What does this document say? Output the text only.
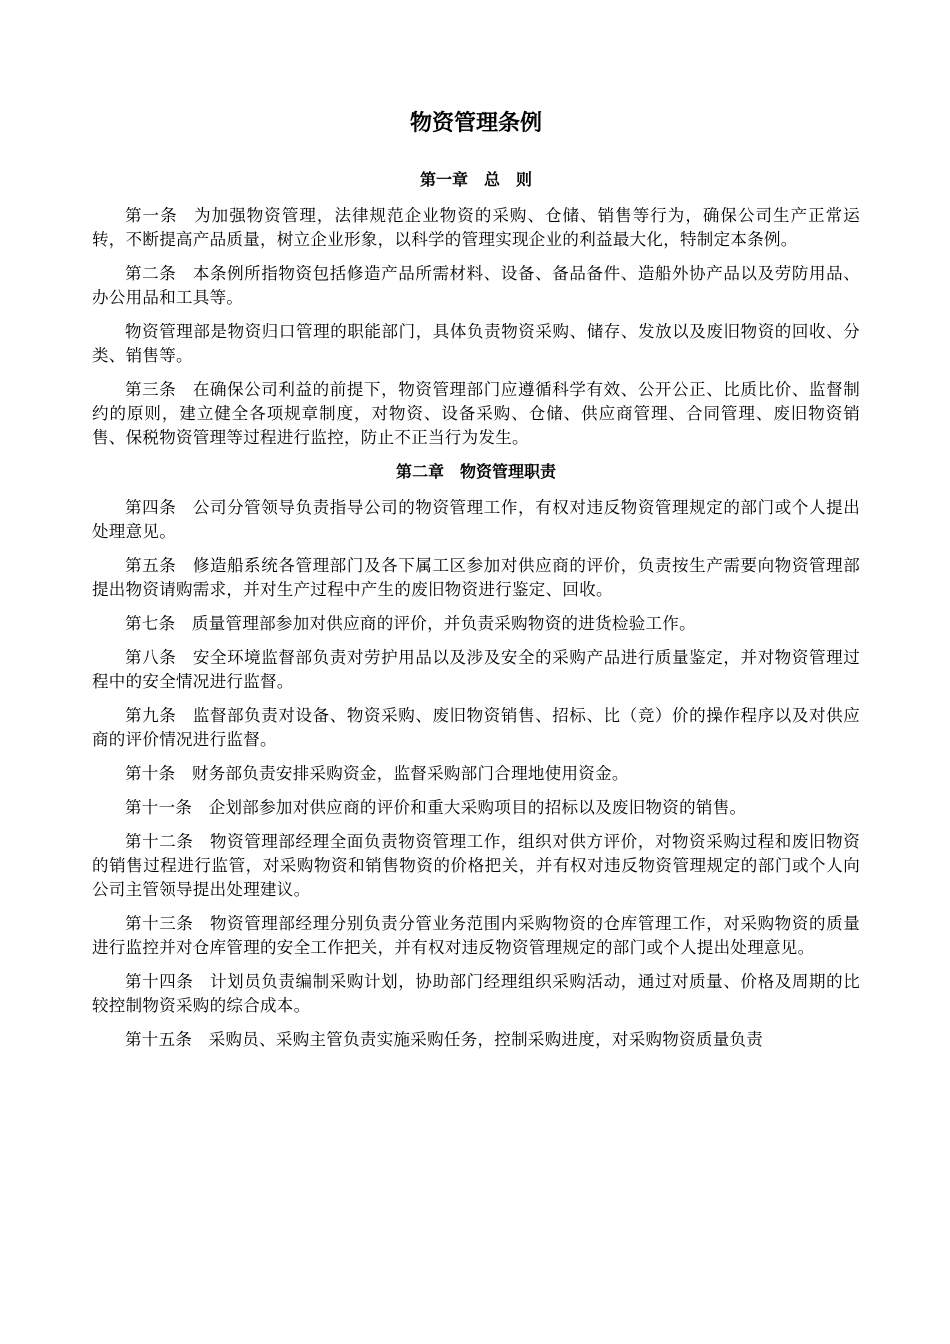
物资管理条例
第一章　总　则

第一条 为加强物资管理，法律规范企业物资的采购、仓储、销售等行为，确保公司生产正常运转，不断提高产品质量，树立企业形象，以科学的管理实现企业的利益最大化，特制定本条例。

第二条 本条例所指物资包括修造产品所需材料、设备、备品备件、造船外协产品以及劳防用品、办公用品和工具等。

物资管理部是物资归口管理的职能部门，具体负责物资采购、储存、发放以及废旧物资的回收、分类、销售等。

第三条 在确保公司利益的前提下，物资管理部门应遵循科学有效、公开公正、比质比价、监督制约的原则，建立健全各项规章制度，对物资、设备采购、仓储、供应商管理、合同管理、废旧物资销售、保税物资管理等过程进行监控，防止不正当行为发生。

第二章　物资管理职责

第四条 公司分管领导负责指导公司的物资管理工作，有权对违反物资管理规定的部门或个人提出处理意见。

第五条 修造船系统各管理部门及各下属工区参加对供应商的评价，负责按生产需要向物资管理部提出物资请购需求，并对生产过程中产生的废旧物资进行鉴定、回收。

第七条 质量管理部参加对供应商的评价，并负责采购物资的进货检验工作。

第八条 安全环境监督部负责对劳护用品以及涉及安全的采购产品进行质量鉴定，并对物资管理过程中的安全情况进行监督。

第九条 监督部负责对设备、物资采购、废旧物资销售、招标、比（竞）价的操作程序以及对供应商的评价情况进行监督。

第十条 财务部负责安排采购资金，监督采购部门合理地使用资金。

第十一条 企划部参加对供应商的评价和重大采购项目的招标以及废旧物资的销售。

第十二条 物资管理部经理全面负责物资管理工作，组织对供方评价，对物资采购过程和废旧物资的销售过程进行监管，对采购物资和销售物资的价格把关，并有权对违反物资管理规定的部门或个人向公司主管领导提出处理建议。

第十三条 物资管理部经理分别负责分管业务范围内采购物资的仓库管理工作，对采购物资的质量进行监控并对仓库管理的安全工作把关，并有权对违反物资管理规定的部门或个人提出处理意见。

第十四条 计划员负责编制采购计划，协助部门经理组织采购活动，通过对质量、价格及周期的比较控制物资采购的综合成本。

第十五条 采购员、采购主管负责实施采购任务，控制采购进度，对采购物资质量负责
